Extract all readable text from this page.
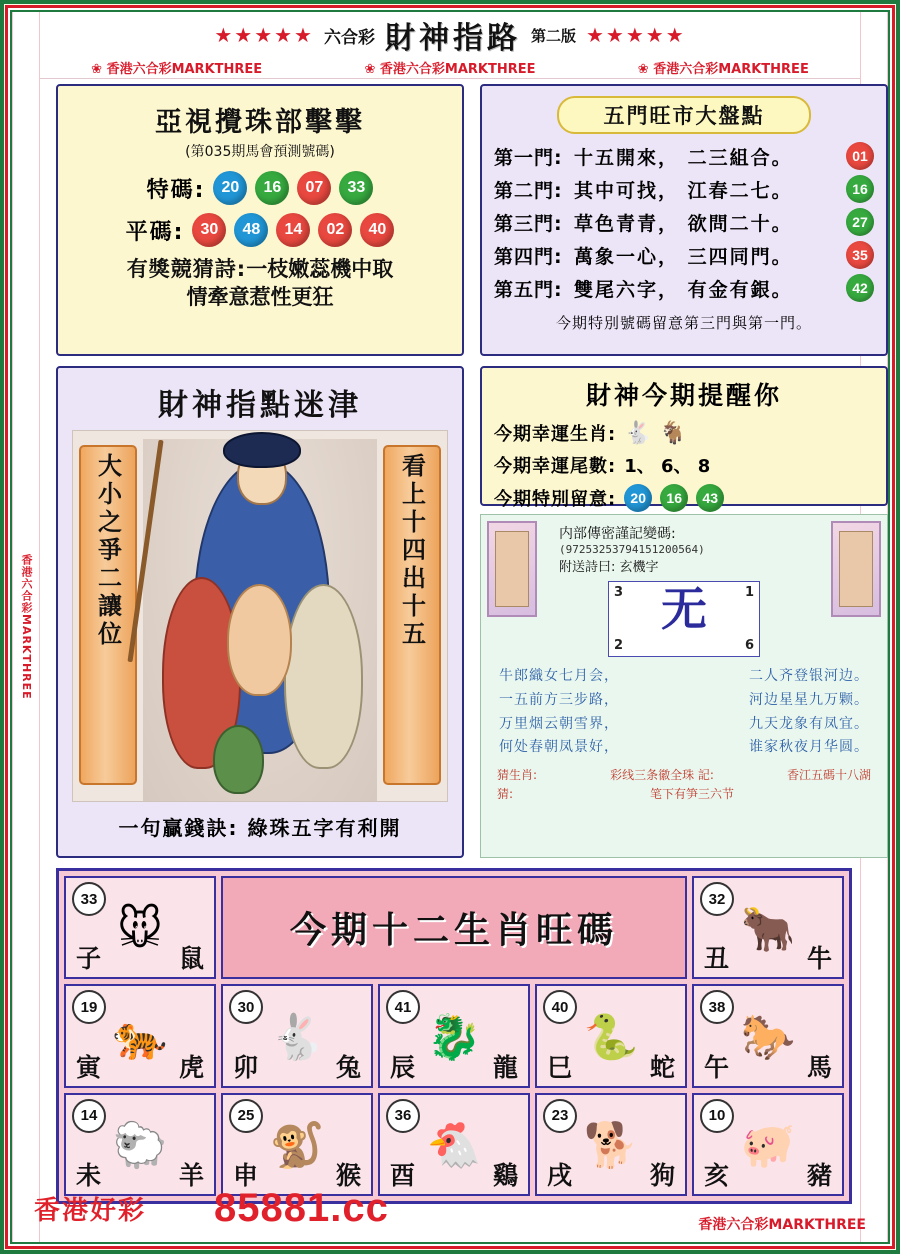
香港六合彩MARKTHREE
★★★★★ 六合彩 財神指路 第二版 ★★★★★
❀ 香港六合彩MARKTHREE	❀ 香港六合彩MARKTHREE	❀ 香港六合彩MARKTHREE
亞視攪珠部擊擊
(第035期馬會預測號碼)
特碼:	20	16	07	33
平碼:	30	48	14	02	40
有獎競猜詩:一枝嫩蕊機中取
情牽意惹性更狂
五門旺市大盤點
第一門: 十五開來， 二三組合。	01
第二門: 其中可找， 江春二七。	16
第三門: 草色青青， 欲問二十。	27
第四門: 萬象一心， 三四同門。	35
第五門: 雙尾六字， 有金有銀。	42
今期特別號碼留意第三門與第一門。
財神指點迷津
大小之爭二讓位	看上十四出十五
一句贏錢訣: 綠珠五字有利開
財神今期提醒你
今期幸運生肖: 🐇 🐐
今期幸運尾數: 1、 6、 8
今期特別留意:	20	16	43
内部傳密謹記變碼:
(97253253794151200564)
附送詩曰: 玄機字
3	1
2	6
无
牛郎織女七月会，	二人齐登银河边。
一五前方三步路，	河边星星九万颗。
万里烟云朝雪界，	九天龙象有凤宜。
何处春朝凤景好，	谁家秋夜月华圆。
猜生肖:	彩线三条徽全珠 記:	香江五碼十八湖
猜:	笔下有笋三六节
33
🐭
子	鼠
今期十二生肖旺碼
32
🐂
丑	牛
19
🐅
寅	虎
30
🐇
卯	兔
41
🐉
辰	龍
40
🐍
巳	蛇
38
🐎
午	馬
14
🐑
未	羊
25
🐒
申	猴
36
🐔
酉	鷄
23
🐕
戌	狗
10
🐖
亥	豬
香港好彩 85881.cc	香港六合彩MARKTHREE
